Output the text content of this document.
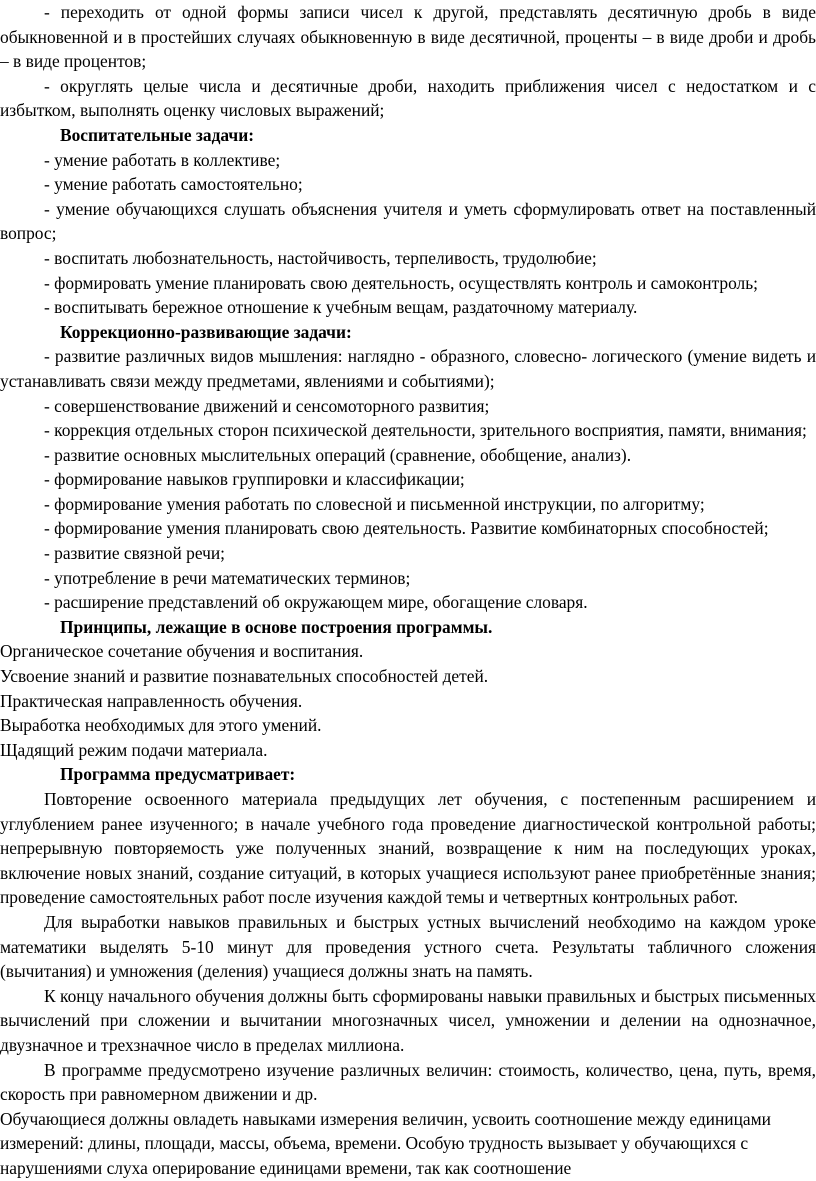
- переходить от одной формы записи чисел к другой, представлять десятичную дробь в виде обыкновенной и в простейших случаях обыкновенную в виде десятичной, проценты – в виде дроби и дробь – в виде процентов;

- округлять целые числа и десятичные дроби, находить приближения чисел с недостатком и с избытком, выполнять оценку числовых выражений;

Воспитательные задачи:

- умение работать в коллективе;

- умение работать самостоятельно;

- умение обучающихся слушать объяснения учителя и уметь сформулировать ответ на поставленный вопрос;

- воспитать любознательность, настойчивость, терпеливость, трудолюбие;

- формировать умение планировать свою деятельность, осуществлять контроль и самоконтроль;

- воспитывать бережное отношение к учебным вещам, раздаточному материалу.

Коррекционно-развивающие задачи:

- развитие различных видов мышления: наглядно - образного, словесно- логического (умение видеть и устанавливать связи между предметами, явлениями и событиями);

- совершенствование движений и сенсомоторного развития;

- коррекция отдельных сторон психической деятельности, зрительного восприятия, памяти, внимания;

- развитие основных мыслительных операций (сравнение, обобщение, анализ).

- формирование навыков группировки и классификации;

- формирование умения работать по словесной и письменной инструкции, по алгоритму;

- формирование умения планировать свою деятельность. Развитие комбинаторных способностей;

- развитие связной речи;

- употребление в речи математических терминов;

- расширение представлений об окружающем мире, обогащение словаря.

Принципы, лежащие в основе построения программы.

Органическое сочетание обучения и воспитания.

Усвоение знаний и развитие познавательных способностей детей.

Практическая направленность обучения.

Выработка необходимых для этого умений.

Щадящий режим подачи материала.

Программа предусматривает:

Повторение освоенного материала предыдущих лет обучения, с постепенным расширением и углублением ранее изученного; в начале учебного года проведение диагностической контрольной работы; непрерывную повторяемость уже полученных знаний, возвращение к ним на последующих уроках, включение новых знаний, создание ситуаций, в которых учащиеся используют ранее приобретённые знания; проведение самостоятельных работ после изучения каждой темы и четвертных контрольных работ.

Для выработки навыков правильных и быстрых устных вычислений необходимо на каждом уроке математики выделять 5-10 минут для проведения устного счета. Результаты табличного сложения (вычитания) и умножения (деления) учащиеся должны знать на память.

К концу начального обучения должны быть сформированы навыки правильных и быстрых письменных вычислений при сложении и вычитании многозначных чисел, умножении и делении на однозначное, двузначное и трехзначное число в пределах миллиона.

В программе предусмотрено изучение различных величин: стоимость, количество, цена, путь, время, скорость при равномерном движении и др.

Обучающиеся должны овладеть навыками измерения величин, усвоить соотношение между единицами измерений: длины, площади, массы, объема, времени. Особую трудность вызывает у обучающихся с нарушениями слуха оперирование единицами времени, так как соотношение
